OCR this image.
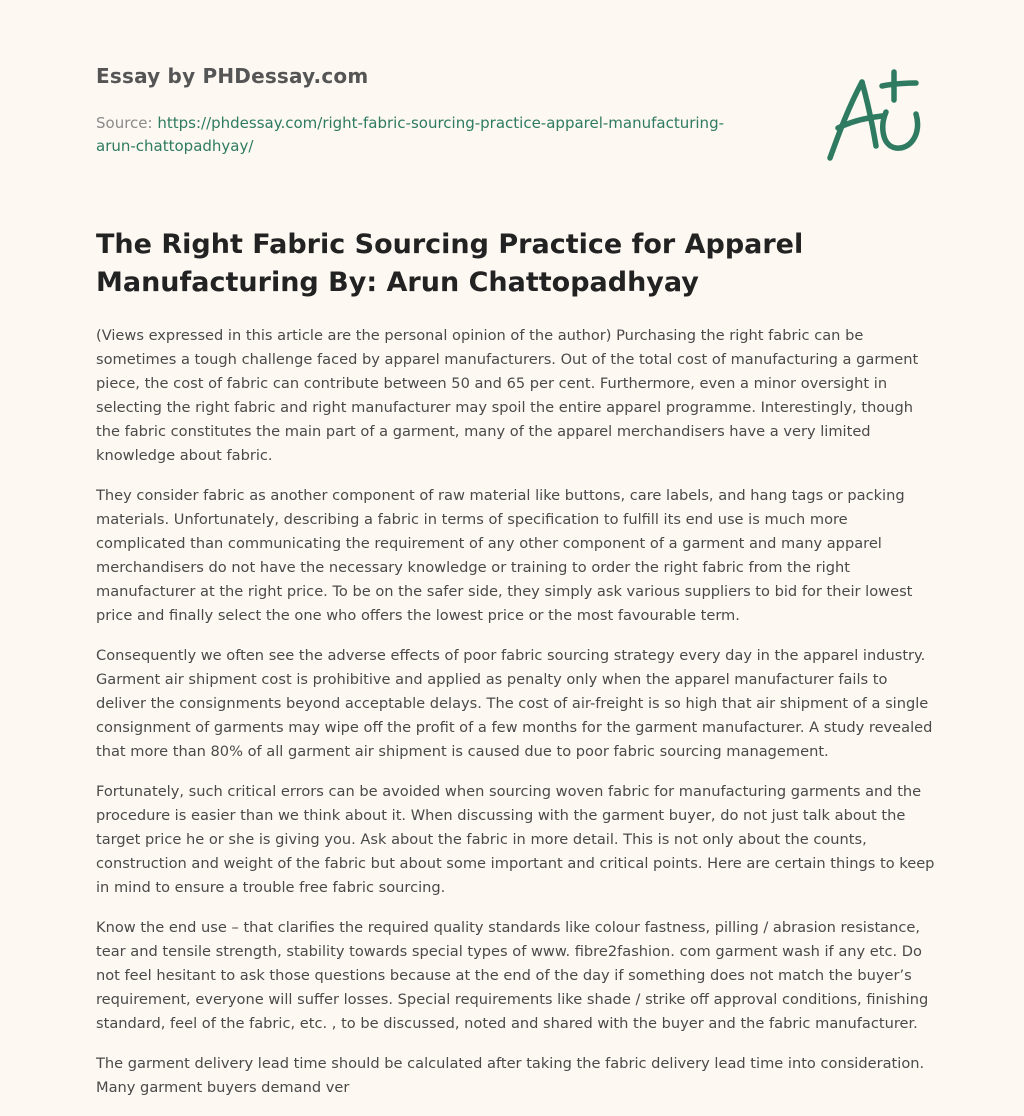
Essay by PHDessay.com
Source: https://phdessay.com/right-fabric-sourcing-practice-apparel-manufacturing-arun-chattopadhyay/
The Right Fabric Sourcing Practice for Apparel Manufacturing By: Arun Chattopadhyay

(Views expressed in this article are the personal opinion of the author) Purchasing the right fabric can be sometimes a tough challenge faced by apparel manufacturers. Out of the total cost of manufacturing a garment piece, the cost of fabric can contribute between 50 and 65 per cent. Furthermore, even a minor oversight in selecting the right fabric and right manufacturer may spoil the entire apparel programme. Interestingly, though the fabric constitutes the main part of a garment, many of the apparel merchandisers have a very limited knowledge about fabric.

They consider fabric as another component of raw material like buttons, care labels, and hang tags or packing materials. Unfortunately, describing a fabric in terms of specification to fulfill its end use is much more complicated than communicating the requirement of any other component of a garment and many apparel merchandisers do not have the necessary knowledge or training to order the right fabric from the right manufacturer at the right price. To be on the safer side, they simply ask various suppliers to bid for their lowest price and finally select the one who offers the lowest price or the most favourable term.

Consequently we often see the adverse effects of poor fabric sourcing strategy every day in the apparel industry. Garment air shipment cost is prohibitive and applied as penalty only when the apparel manufacturer fails to deliver the consignments beyond acceptable delays. The cost of air-freight is so high that air shipment of a single consignment of garments may wipe off the profit of a few months for the garment manufacturer. A study revealed that more than 80% of all garment air shipment is caused due to poor fabric sourcing management.

Fortunately, such critical errors can be avoided when sourcing woven fabric for manufacturing garments and the procedure is easier than we think about it. When discussing with the garment buyer, do not just talk about the target price he or she is giving you. Ask about the fabric in more detail. This is not only about the counts, construction and weight of the fabric but about some important and critical points. Here are certain things to keep in mind to ensure a trouble free fabric sourcing.

Know the end use – that clarifies the required quality standards like colour fastness, pilling / abrasion resistance, tear and tensile strength, stability towards special types of www. fibre2fashion. com garment wash if any etc. Do not feel hesitant to ask those questions because at the end of the day if something does not match the buyer’s requirement, everyone will suffer losses. Special requirements like shade / strike off approval conditions, finishing standard, feel of the fabric, etc. , to be discussed, noted and shared with the buyer and the fabric manufacturer.

The garment delivery lead time should be calculated after taking the fabric delivery lead time into consideration. Many garment buyers demand ver
